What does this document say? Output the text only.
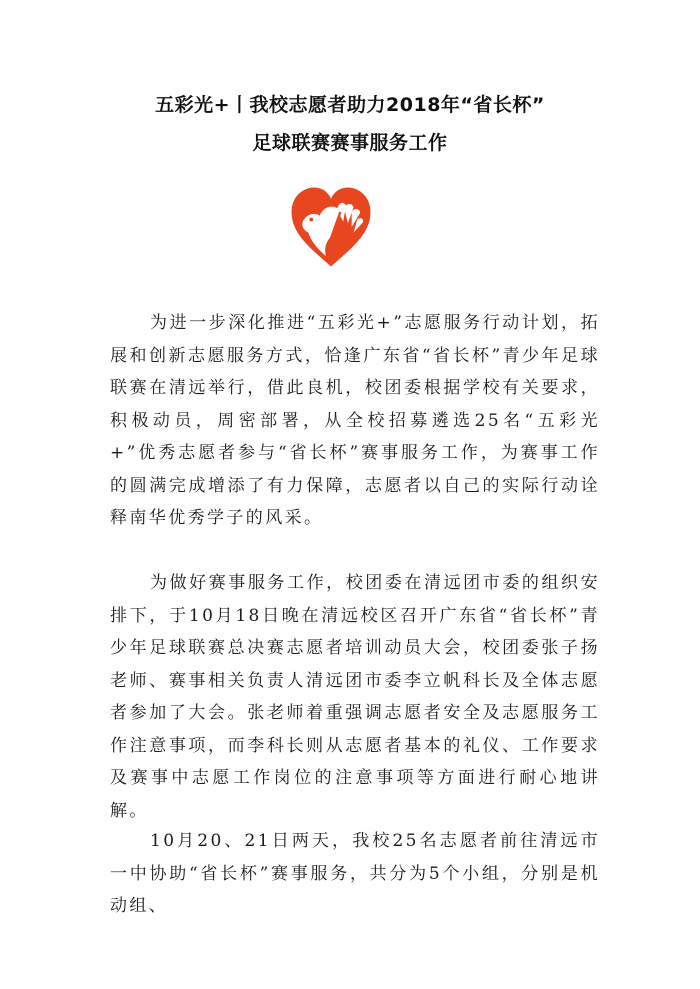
五彩光+丨我校志愿者助力2018年“省长杯”
足球联赛赛事服务工作
为进一步深化推进“五彩光+”志愿服务行动计划，拓展和创新志愿服务方式，恰逢广东省“省长杯”青少年足球联赛在清远举行，借此良机，校团委根据学校有关要求，积极动员，周密部署，从全校招募遴选25名“五彩光+”优秀志愿者参与“省长杯”赛事服务工作，为赛事工作的圆满完成增添了有力保障，志愿者以自己的实际行动诠释南华优秀学子的风采。
为做好赛事服务工作，校团委在清远团市委的组织安排下，于10月18日晚在清远校区召开广东省“省长杯”青少年足球联赛总决赛志愿者培训动员大会，校团委张子扬老师、赛事相关负责人清远团市委李立帆科长及全体志愿者参加了大会。张老师着重强调志愿者安全及志愿服务工作注意事项，而李科长则从志愿者基本的礼仪、工作要求及赛事中志愿工作岗位的注意事项等方面进行耐心地讲解。
10月20、21日两天，我校25名志愿者前往清远市一中协助“省长杯”赛事服务，共分为5个小组，分别是机动组、
